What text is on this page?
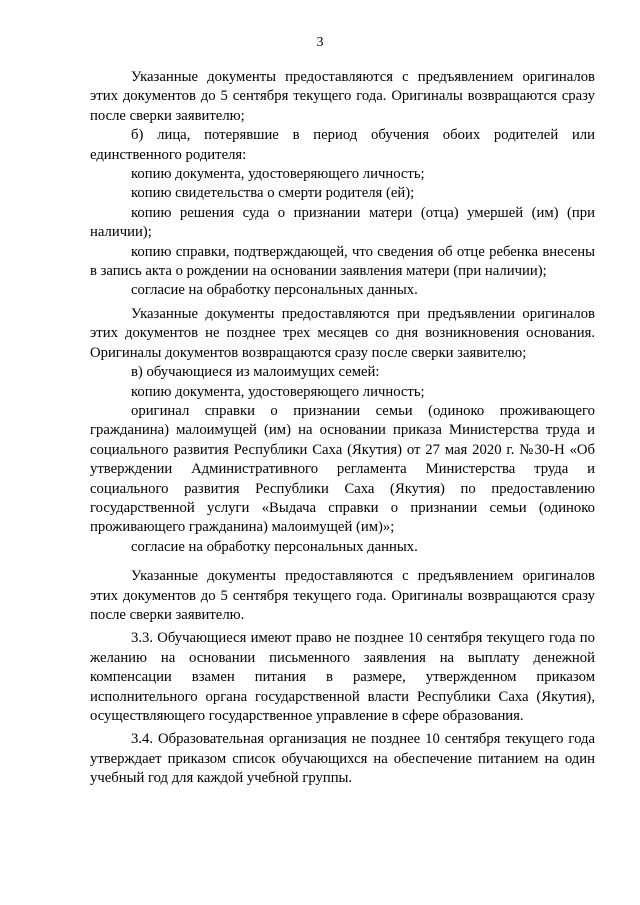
3

Указанные документы предоставляются с предъявлением оригиналов этих документов до 5 сентября текущего года. Оригиналы возвращаются сразу после сверки заявителю;

б) лица, потерявшие в период обучения обоих родителей или единственного родителя:

копию документа, удостоверяющего личность;

копию свидетельства о смерти родителя (ей);

копию решения суда о признании матери (отца) умершей (им) (при наличии);

копию справки, подтверждающей, что сведения об отце ребенка внесены в запись акта о рождении на основании заявления матери (при наличии);

согласие на обработку персональных данных.

Указанные документы предоставляются при предъявлении оригиналов этих документов не позднее трех месяцев со дня возникновения основания. Оригиналы документов возвращаются сразу после сверки заявителю;

в) обучающиеся из малоимущих семей:

копию документа, удостоверяющего личность;

оригинал справки о признании семьи (одиноко проживающего гражданина) малоимущей (им) на основании приказа Министерства труда и социального развития Республики Саха (Якутия) от 27 мая 2020 г. №30-Н «Об утверждении Административного регламента Министерства труда и социального развития Республики Саха (Якутия) по предоставлению государственной услуги «Выдача справки о признании семьи (одиноко проживающего гражданина) малоимущей (им)»;

согласие на обработку персональных данных.

Указанные документы предоставляются с предъявлением оригиналов этих документов до 5 сентября текущего года. Оригиналы возвращаются сразу после сверки заявителю.

3.3. Обучающиеся имеют право не позднее 10 сентября текущего года по желанию на основании письменного заявления на выплату денежной компенсации взамен питания в размере, утвержденном приказом исполнительного органа государственной власти Республики Саха (Якутия), осуществляющего государственное управление в сфере образования.

3.4. Образовательная организация не позднее 10 сентября текущего года утверждает приказом список обучающихся на обеспечение питанием на один учебный год для каждой учебной группы.
